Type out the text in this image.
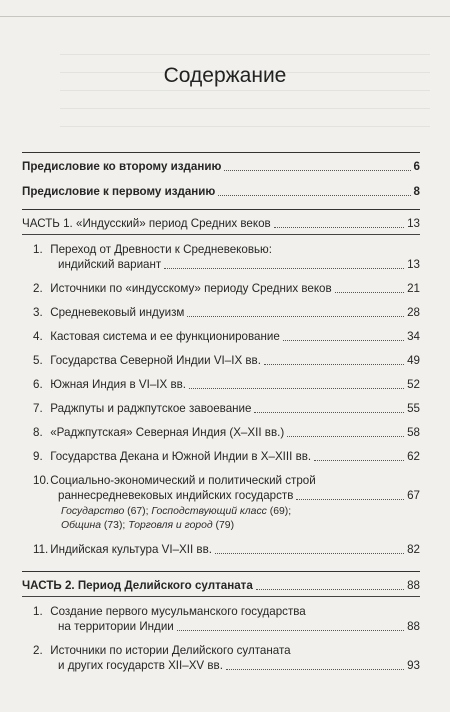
Содержание
Предисловие ко второму изданию	6
Предисловие к первому изданию	8
ЧАСТЬ 1. «Индусский» период Средних веков	13
1. Переход от Древности к Средневековью:
индийский вариант	13
2. Источники по «индусскому» периоду Средних веков	21
3. Средневековый индуизм	28
4. Кастовая система и ее функционирование	34
5. Государства Северной Индии VI–IX вв.	49
6. Южная Индия в VI–IX вв.	52
7. Раджпуты и раджпутское завоевание	55
8. «Раджпутская» Северная Индия (X–XII вв.)	58
9. Государства Декана и Южной Индии в X–XIII вв.	62
10. Социально-экономический и политический строй
раннесредневековых индийских государств	67
Государство (67); Господствующий класс (69);
Община (73); Торговля и город (79)
11. Индийская культура VI–XII вв.	82
ЧАСТЬ 2. Период Делийского султаната	88
1. Создание первого мусульманского государства
на территории Индии	88
2. Источники по истории Делийского султаната
и других государств XII–XV вв.	93
